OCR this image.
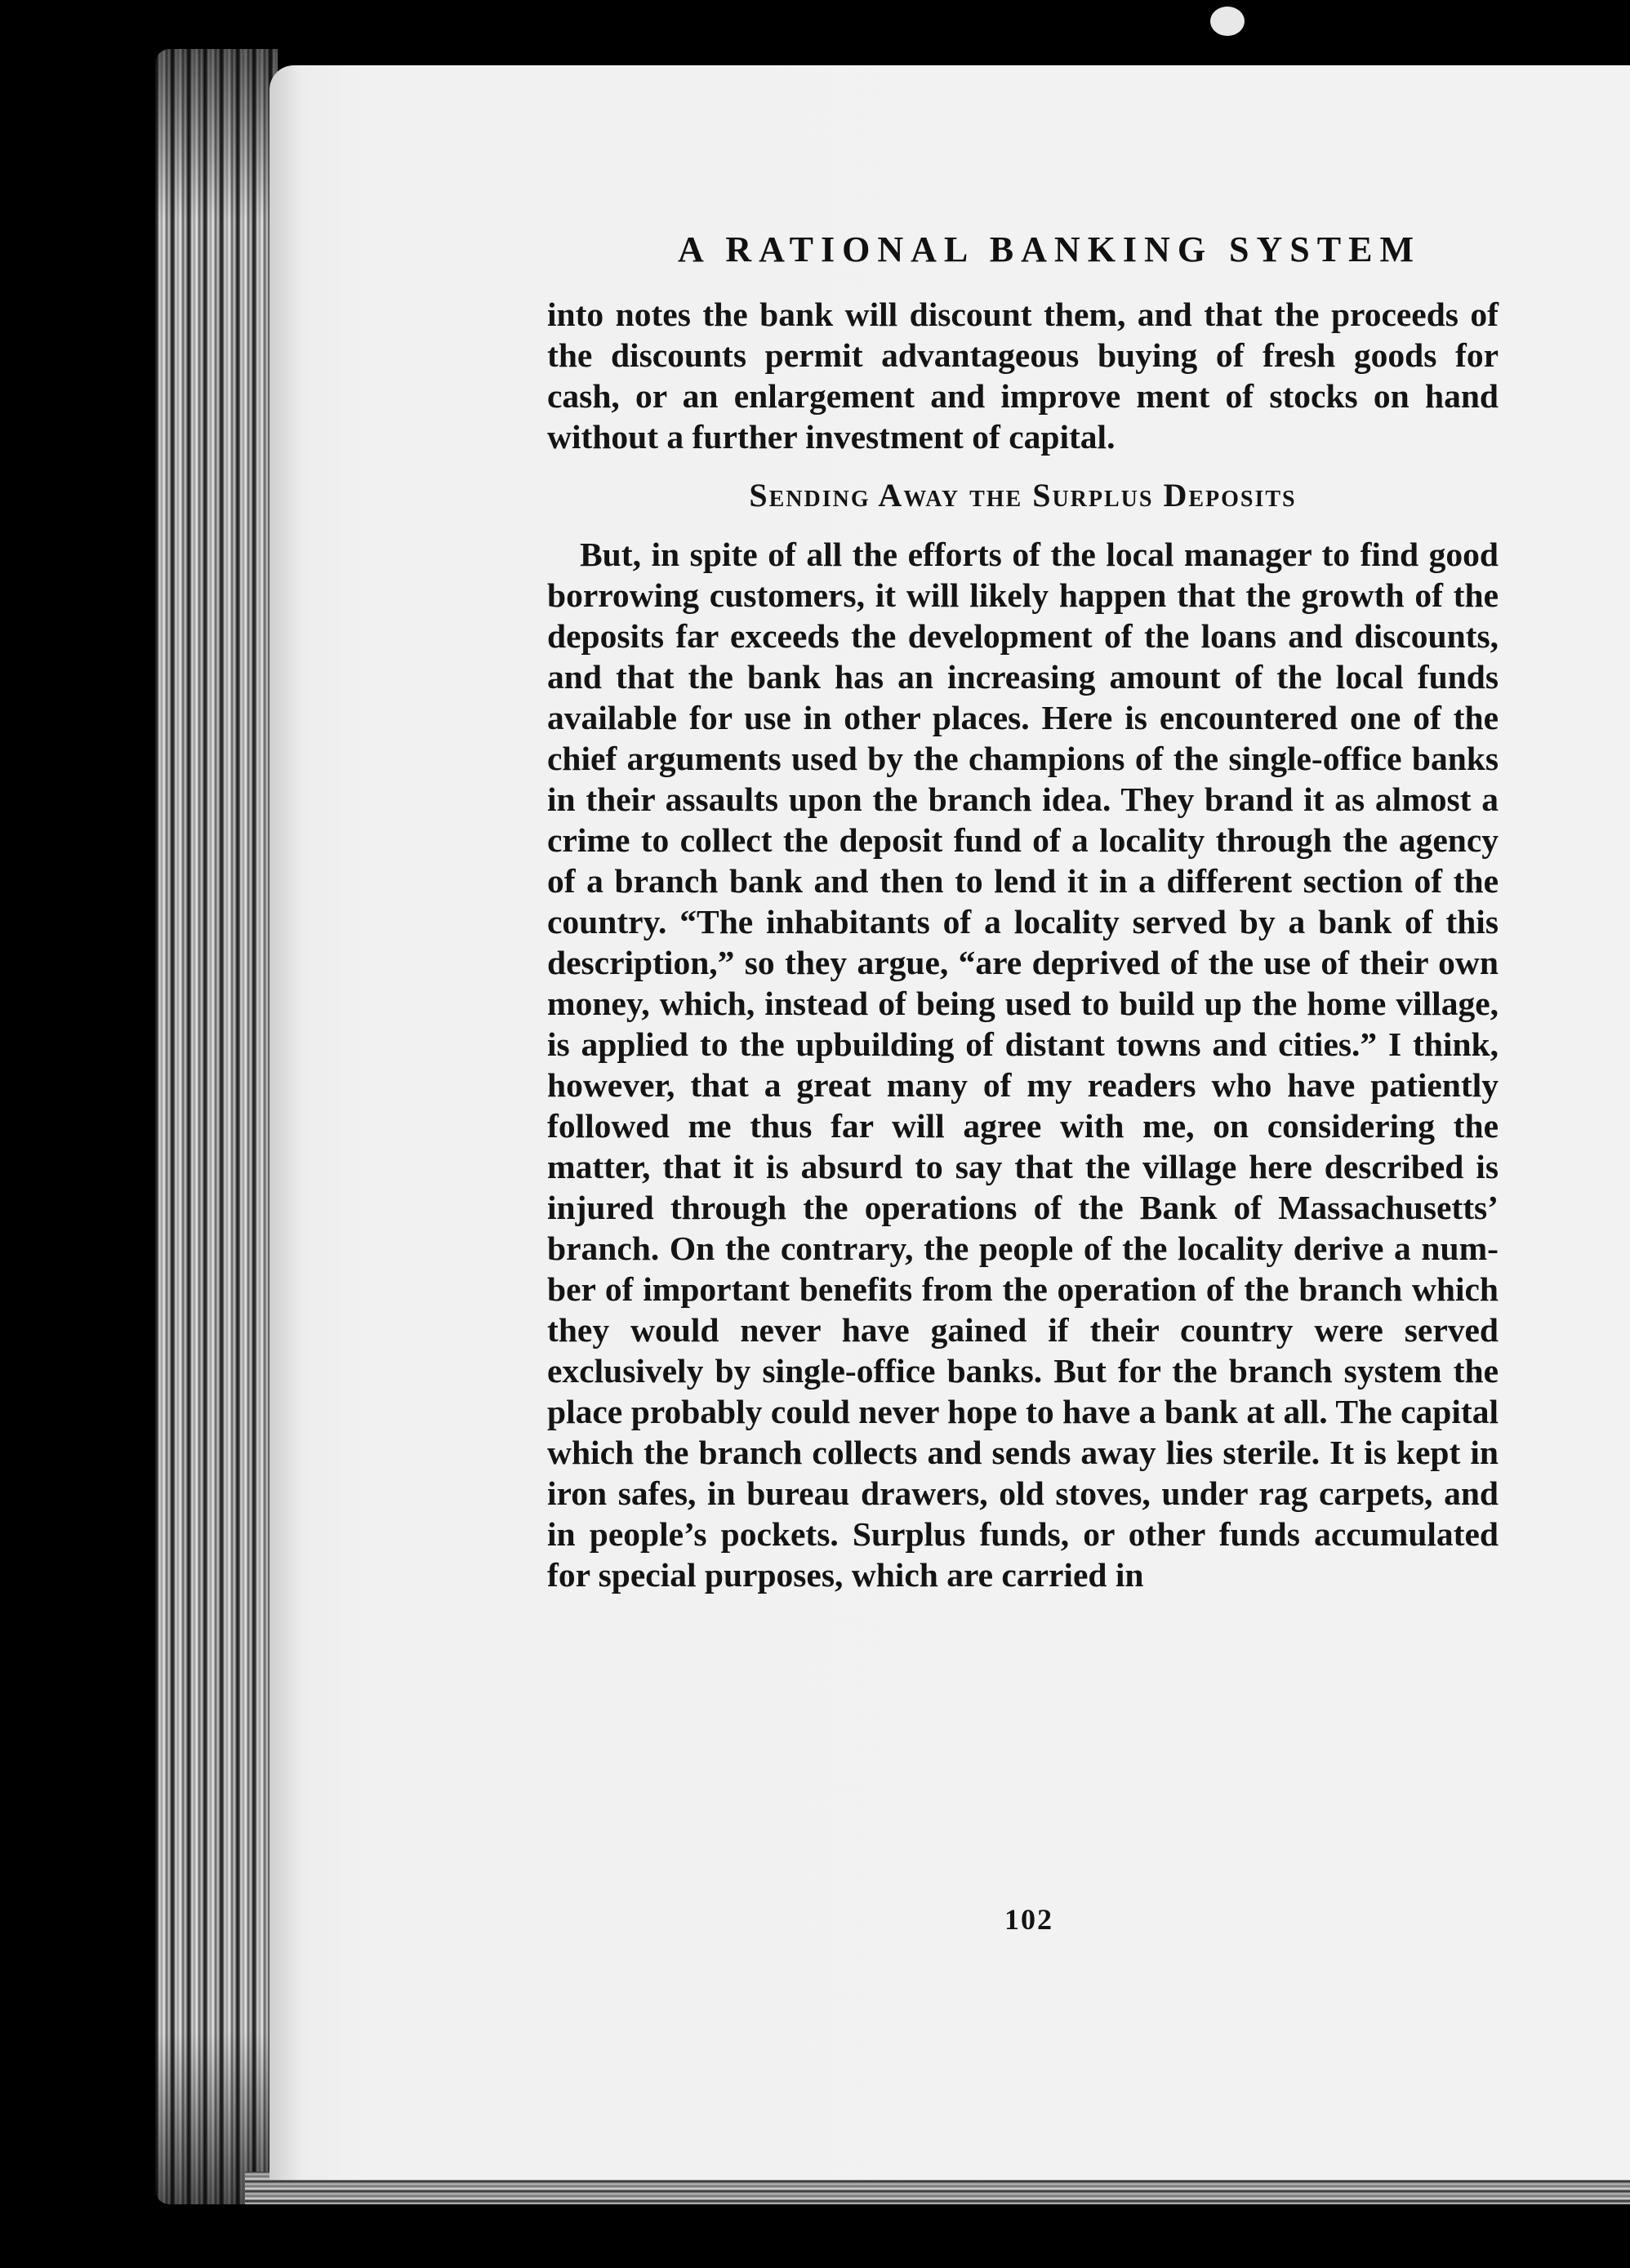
A RATIONAL BANKING SYSTEM

into notes the bank will discount them, and that the proceeds of the discounts permit advantageous buying of fresh goods for cash, or an enlargement and improve ment of stocks on hand without a further investment of capital.

Sending Away the Surplus Deposits

But, in spite of all the efforts of the local manager to find good borrowing customers, it will likely happen that the growth of the deposits far exceeds the development of the loans and discounts, and that the bank has an increasing amount of the local funds available for use in other places. Here is encountered one of the chief arguments used by the champions of the single-office banks in their assaults upon the branch idea. They brand it as almost a crime to collect the deposit fund of a locality through the agency of a branch bank and then to lend it in a different section of the country. “The inhabitants of a locality served by a bank of this description,” so they argue, “are deprived of the use of their own money, which, instead of being used to build up the home village, is applied to the upbuilding of distant towns and cities.” I think, however, that a great many of my readers who have patiently followed me thus far will agree with me, on considering the matter, that it is absurd to say that the village here described is injured through the operations of the Bank of Massachusetts’ branch. On the contrary, the people of the locality derive a number of important benefits from the operation of the branch which they would never have gained if their country were served exclusively by single-office banks. But for the branch system the place probably could never hope to have a bank at all. The capital which the branch collects and sends away lies sterile. It is kept in iron safes, in bureau drawers, old stoves, under rag carpets, and in people’s pockets. Surplus funds, or other funds accumulated for special purposes, which are carried in

102
